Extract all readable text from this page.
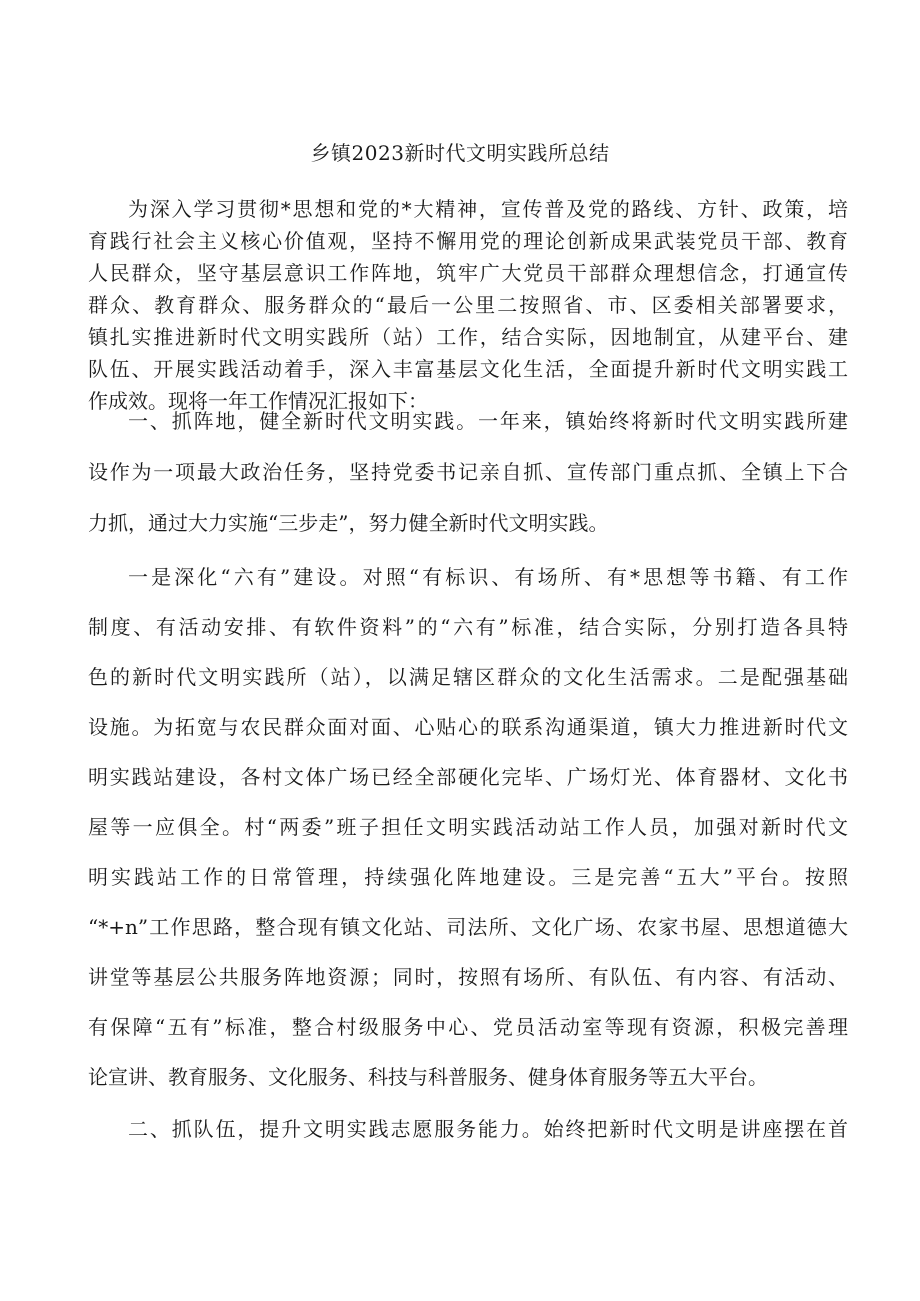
乡镇2023新时代文明实践所总结
为深入学习贯彻*思想和党的*大精神，宣传普及党的路线、方针、政策，培
育践行社会主义核心价值观，坚持不懈用党的理论创新成果武装党员干部、教育
人民群众，坚守基层意识工作阵地，筑牢广大党员干部群众理想信念，打通宣传
群众、教育群众、服务群众的“最后一公里二按照省、市、区委相关部署要求，
镇扎实推进新时代文明实践所（站）工作，结合实际，因地制宜，从建平台、建
队伍、开展实践活动着手，深入丰富基层文化生活，全面提升新时代文明实践工
作成效。现将一年工作情况汇报如下：
一、抓阵地，健全新时代文明实践。一年来，镇始终将新时代文明实践所建
设作为一项最大政治任务，坚持党委书记亲自抓、宣传部门重点抓、全镇上下合
力抓，通过大力实施“三步走”，努力健全新时代文明实践。
一是深化“六有”建设。对照“有标识、有场所、有*思想等书籍、有工作
制度、有活动安排、有软件资料”的“六有”标准，结合实际，分别打造各具特
色的新时代文明实践所（站），以满足辖区群众的文化生活需求。二是配强基础
设施。为拓宽与农民群众面对面、心贴心的联系沟通渠道，镇大力推进新时代文
明实践站建设，各村文体广场已经全部硬化完毕、广场灯光、体育器材、文化书
屋等一应俱全。村“两委”班子担任文明实践活动站工作人员，加强对新时代文
明实践站工作的日常管理，持续强化阵地建设。三是完善“五大”平台。按照
“*+n”工作思路，整合现有镇文化站、司法所、文化广场、农家书屋、思想道德大
讲堂等基层公共服务阵地资源；同时，按照有场所、有队伍、有内容、有活动、
有保障“五有”标准，整合村级服务中心、党员活动室等现有资源，积极完善理
论宣讲、教育服务、文化服务、科技与科普服务、健身体育服务等五大平台。
二、抓队伍，提升文明实践志愿服务能力。始终把新时代文明是讲座摆在首
